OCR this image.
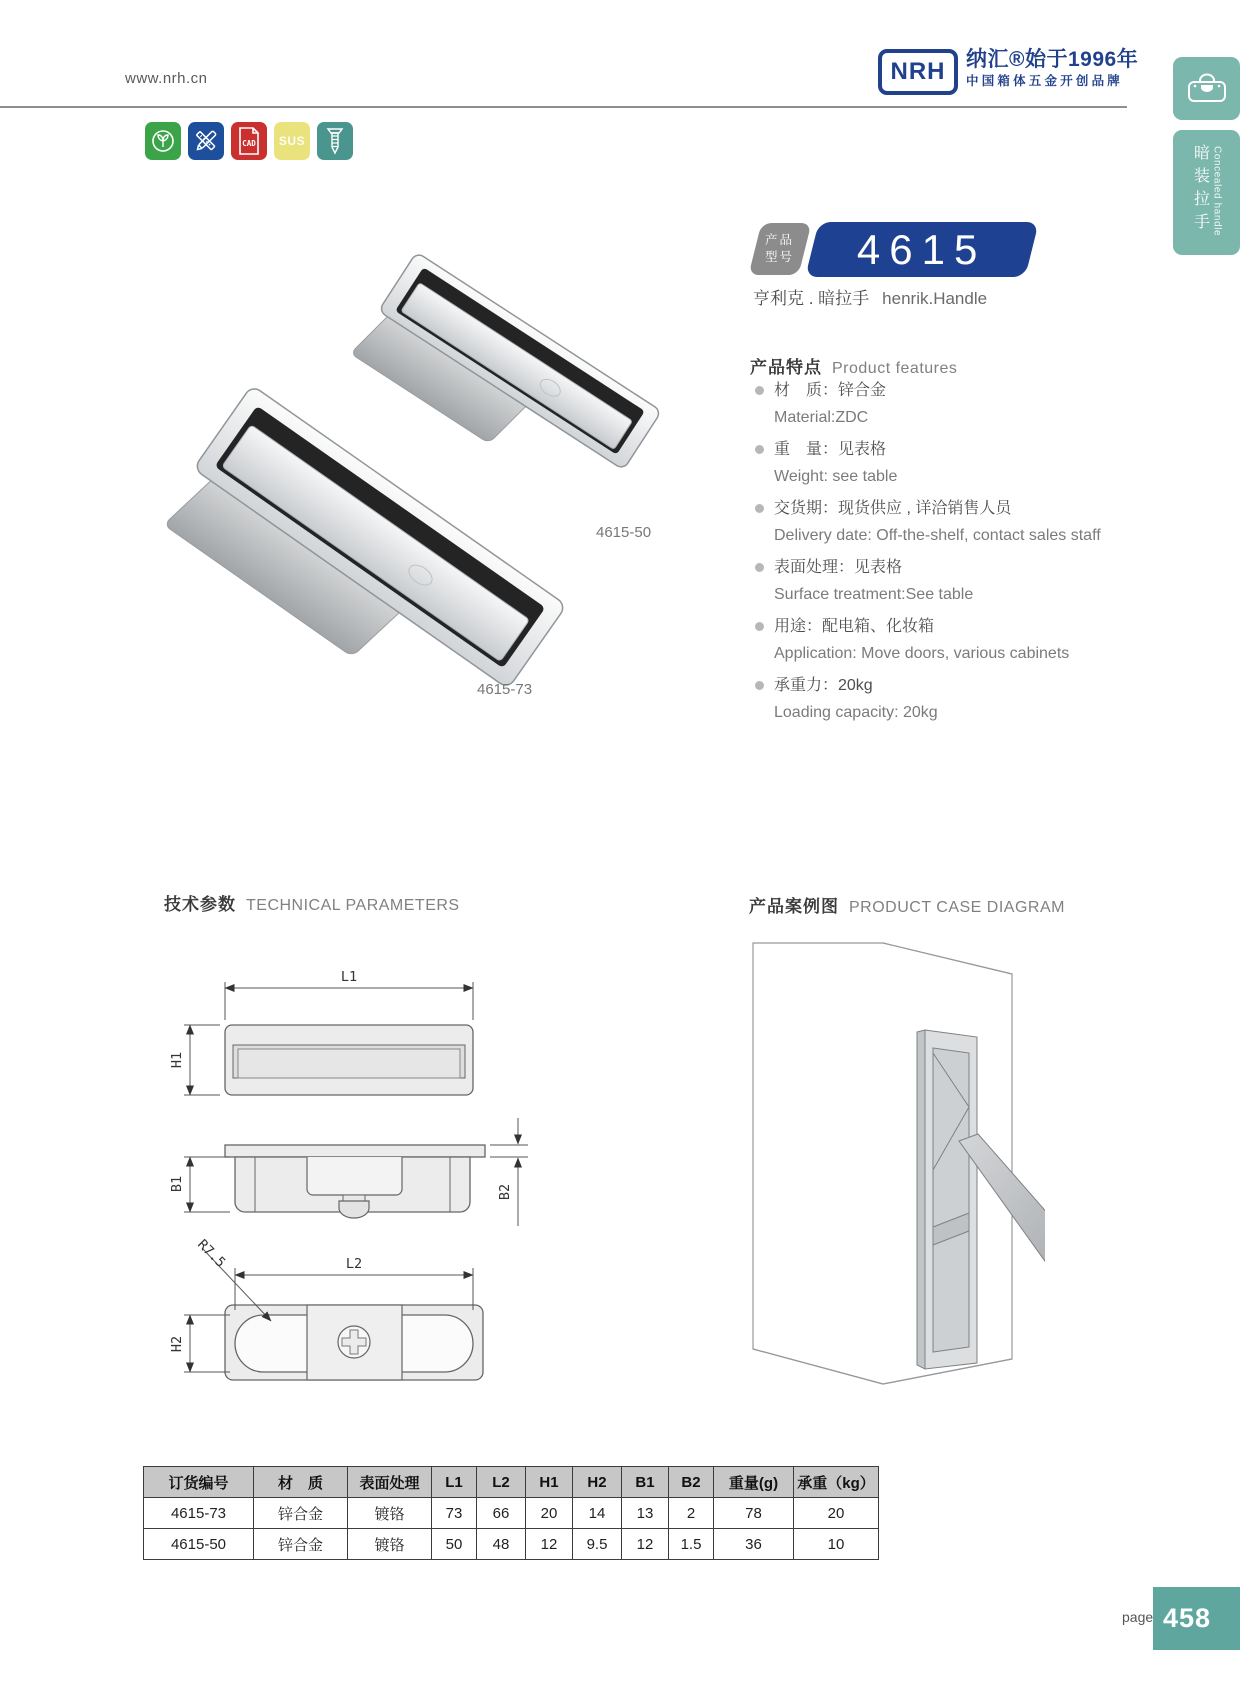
www.nrh.cn	NRH 纳汇®始于1996年
中国箱体五金开创品牌
CAD SUS
暗装拉手 Concealed handle
4615-50
4615-73
产品
型号 4615
亨利克 . 暗拉手 henrik.Handle
产品特点 Product features
材　质：锌合金
Material:ZDC
重　量：见表格
Weight: see table
交货期：现货供应 , 详洽销售人员
Delivery date: Off-the-shelf, contact sales staff
表面处理：见表格
Surface treatment:See table
用途：配电箱、化妆箱
Application: Move doors, various cabinets
承重力：20kg
Loading capacity: 20kg
技术参数 TECHNICAL PARAMETERS	产品案例图 PRODUCT CASE DIAGRAM
L1
H1
B1	B2
L2
H2
R7.5
订货编号	材　质	表面处理	L1	L2	H1	H2	B1	B2	重量(g)	承重（kg）
4615-73	锌合金	镀铬	73	66	20	14	13	2	78	20
4615-50	锌合金	镀铬	50	48	12	9.5	12	1.5	36	10
page 458
